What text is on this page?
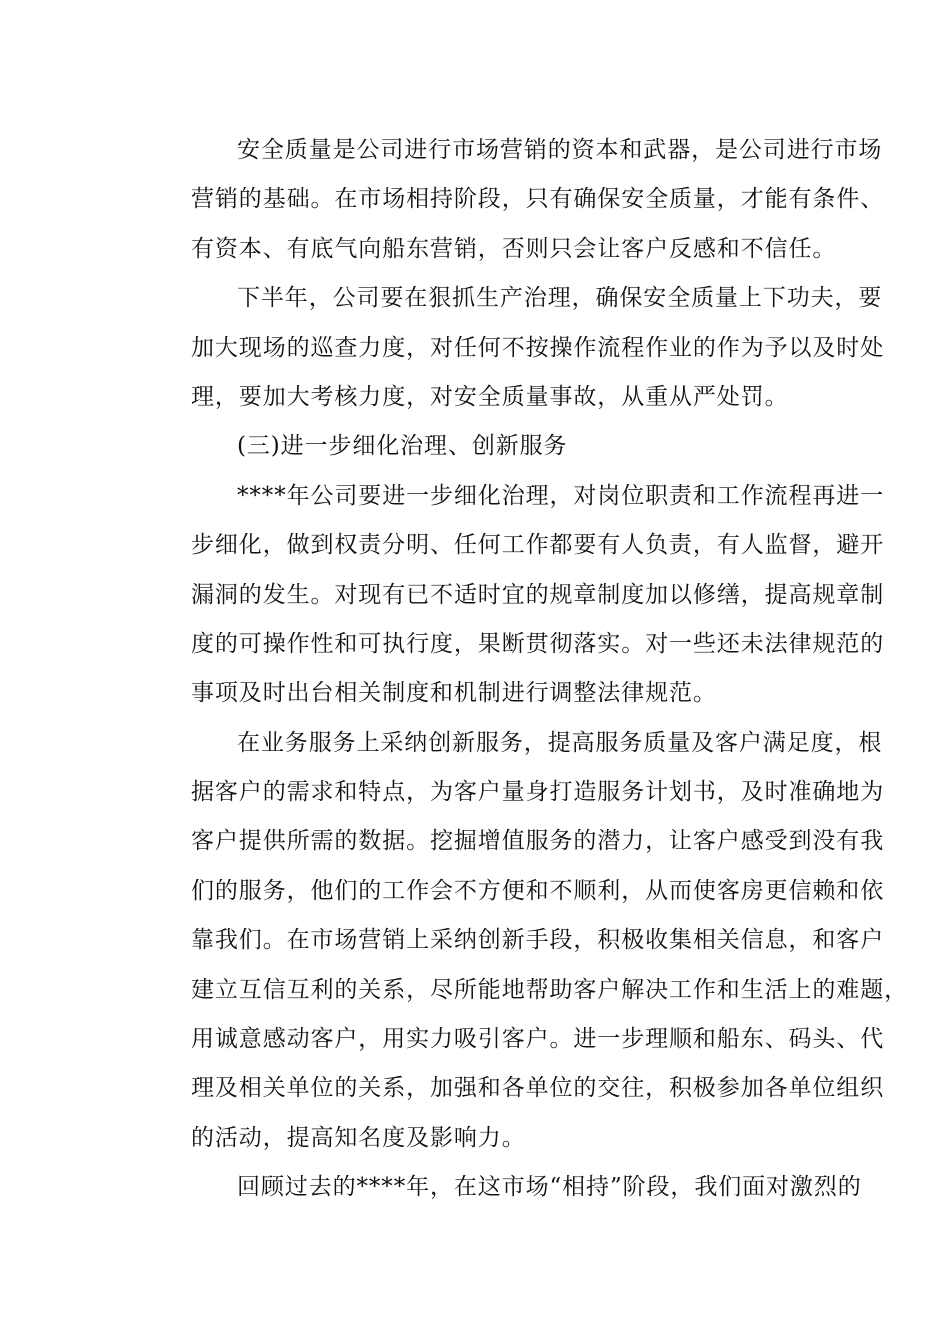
安全质量是公司进行市场营销的资本和武器，是公司进行市场
营销的基础。在市场相持阶段，只有确保安全质量，才能有条件、
有资本、有底气向船东营销，否则只会让客户反感和不信任。
下半年，公司要在狠抓生产治理，确保安全质量上下功夫，要
加大现场的巡查力度，对任何不按操作流程作业的作为予以及时处
理，要加大考核力度，对安全质量事故，从重从严处罚。
(三)进一步细化治理、创新服务
****年公司要进一步细化治理，对岗位职责和工作流程再进一
步细化，做到权责分明、任何工作都要有人负责，有人监督，避开
漏洞的发生。对现有已不适时宜的规章制度加以修缮，提高规章制
度的可操作性和可执行度，果断贯彻落实。对一些还未法律规范的
事项及时出台相关制度和机制进行调整法律规范。
在业务服务上采纳创新服务，提高服务质量及客户满足度，根
据客户的需求和特点，为客户量身打造服务计划书，及时准确地为
客户提供所需的数据。挖掘增值服务的潜力，让客户感受到没有我
们的服务，他们的工作会不方便和不顺利，从而使客房更信赖和依
靠我们。在市场营销上采纳创新手段，积极收集相关信息，和客户
建立互信互利的关系，尽所能地帮助客户解决工作和生活上的难题，
用诚意感动客户，用实力吸引客户。进一步理顺和船东、码头、代
理及相关单位的关系，加强和各单位的交往，积极参加各单位组织
的活动，提高知名度及影响力。
回顾过去的****年，在这市场“相持”阶段，我们面对激烈的
